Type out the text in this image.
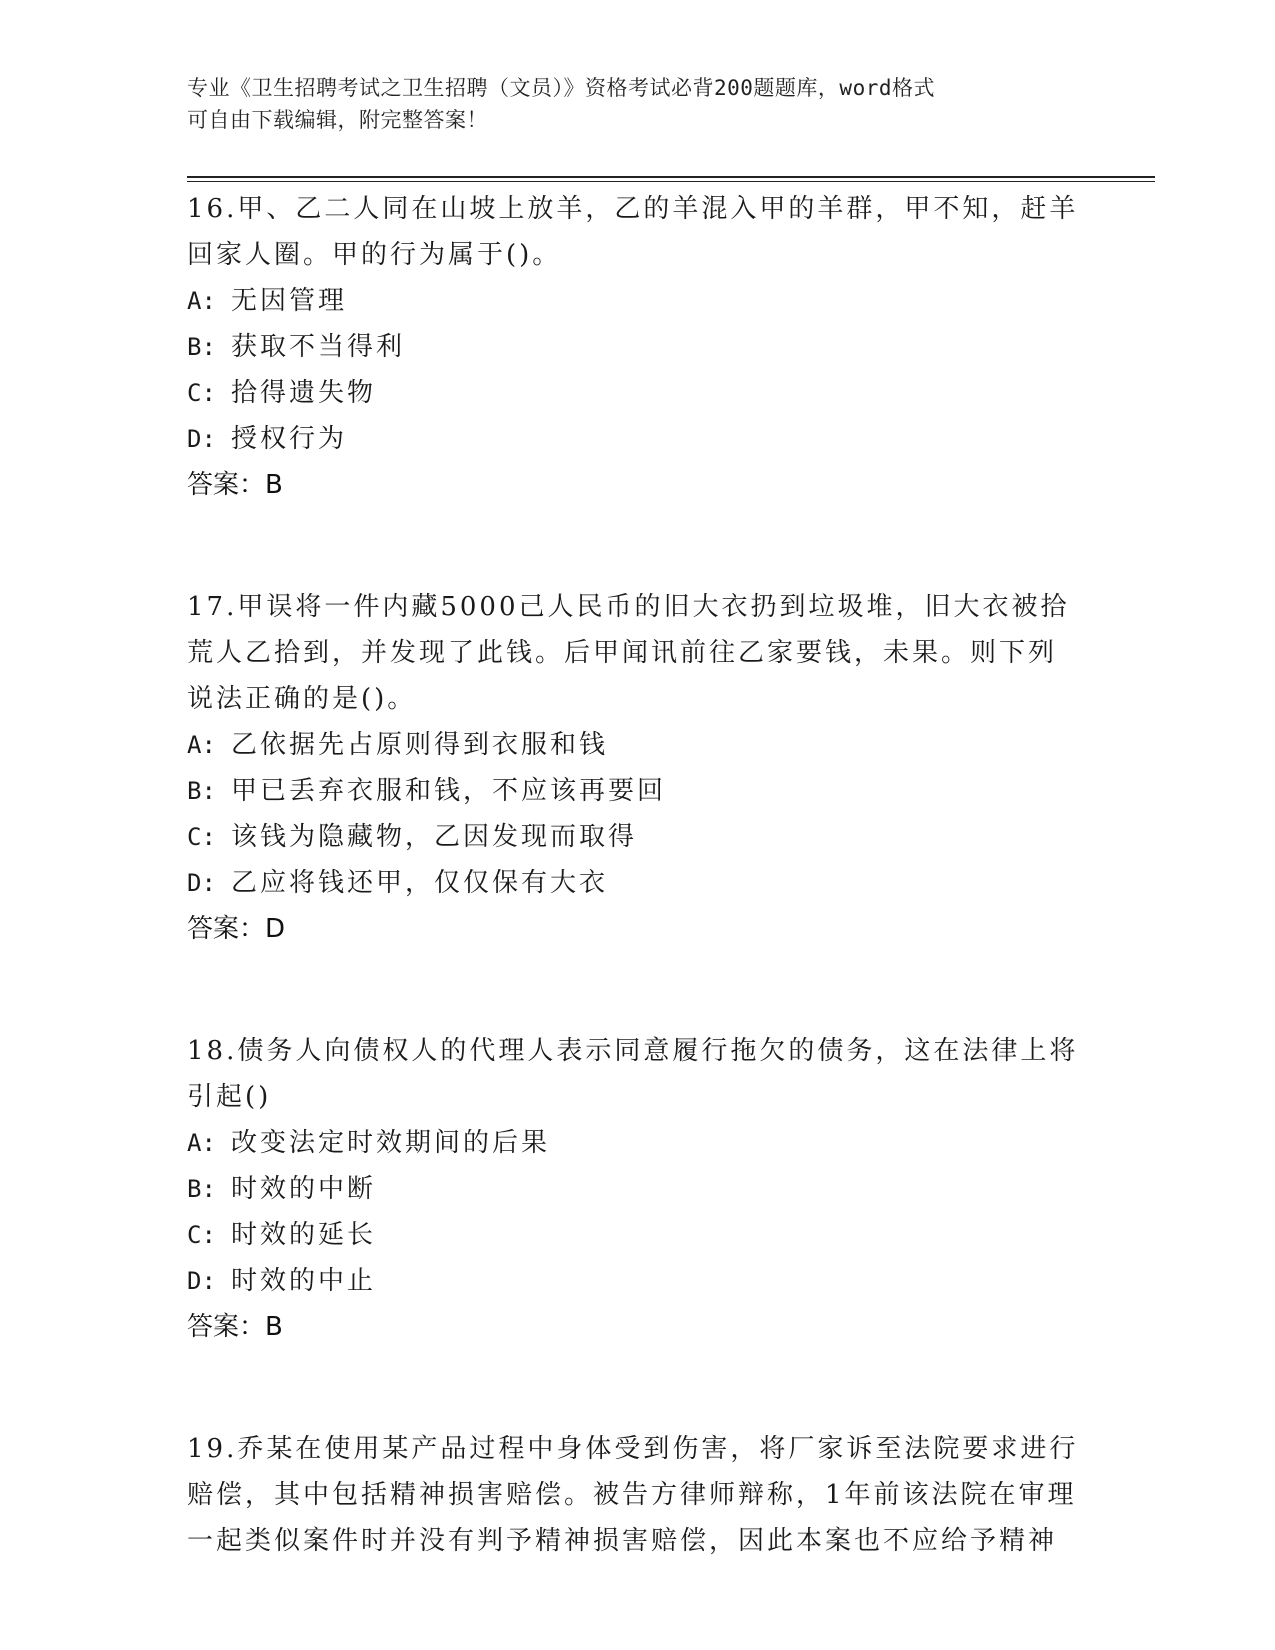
专业《卫生招聘考试之卫生招聘（文员）》资格考试必背200题题库，word格式
可自由下载编辑，附完整答案！

16.甲、乙二人同在山坡上放羊，乙的羊混入甲的羊群，甲不知，赶羊

回家人圈。甲的行为属于()。

A: 无因管理

B: 获取不当得利

C: 拾得遗失物

D: 授权行为

答案：B

17.甲误将一件内藏5000己人民币的旧大衣扔到垃圾堆，旧大衣被拾

荒人乙拾到，并发现了此钱。后甲闻讯前往乙家要钱，未果。则下列

说法正确的是()。

A: 乙依据先占原则得到衣服和钱

B: 甲已丢弃衣服和钱，不应该再要回

C: 该钱为隐藏物，乙因发现而取得

D: 乙应将钱还甲，仅仅保有大衣

答案：D

18.债务人向债权人的代理人表示同意履行拖欠的债务，这在法律上将

引起()

A: 改变法定时效期间的后果

B: 时效的中断

C: 时效的延长

D: 时效的中止

答案：B

19.乔某在使用某产品过程中身体受到伤害，将厂家诉至法院要求进行

赔偿，其中包括精神损害赔偿。被告方律师辩称，1年前该法院在审理

一起类似案件时并没有判予精神损害赔偿，因此本案也不应给予精神
